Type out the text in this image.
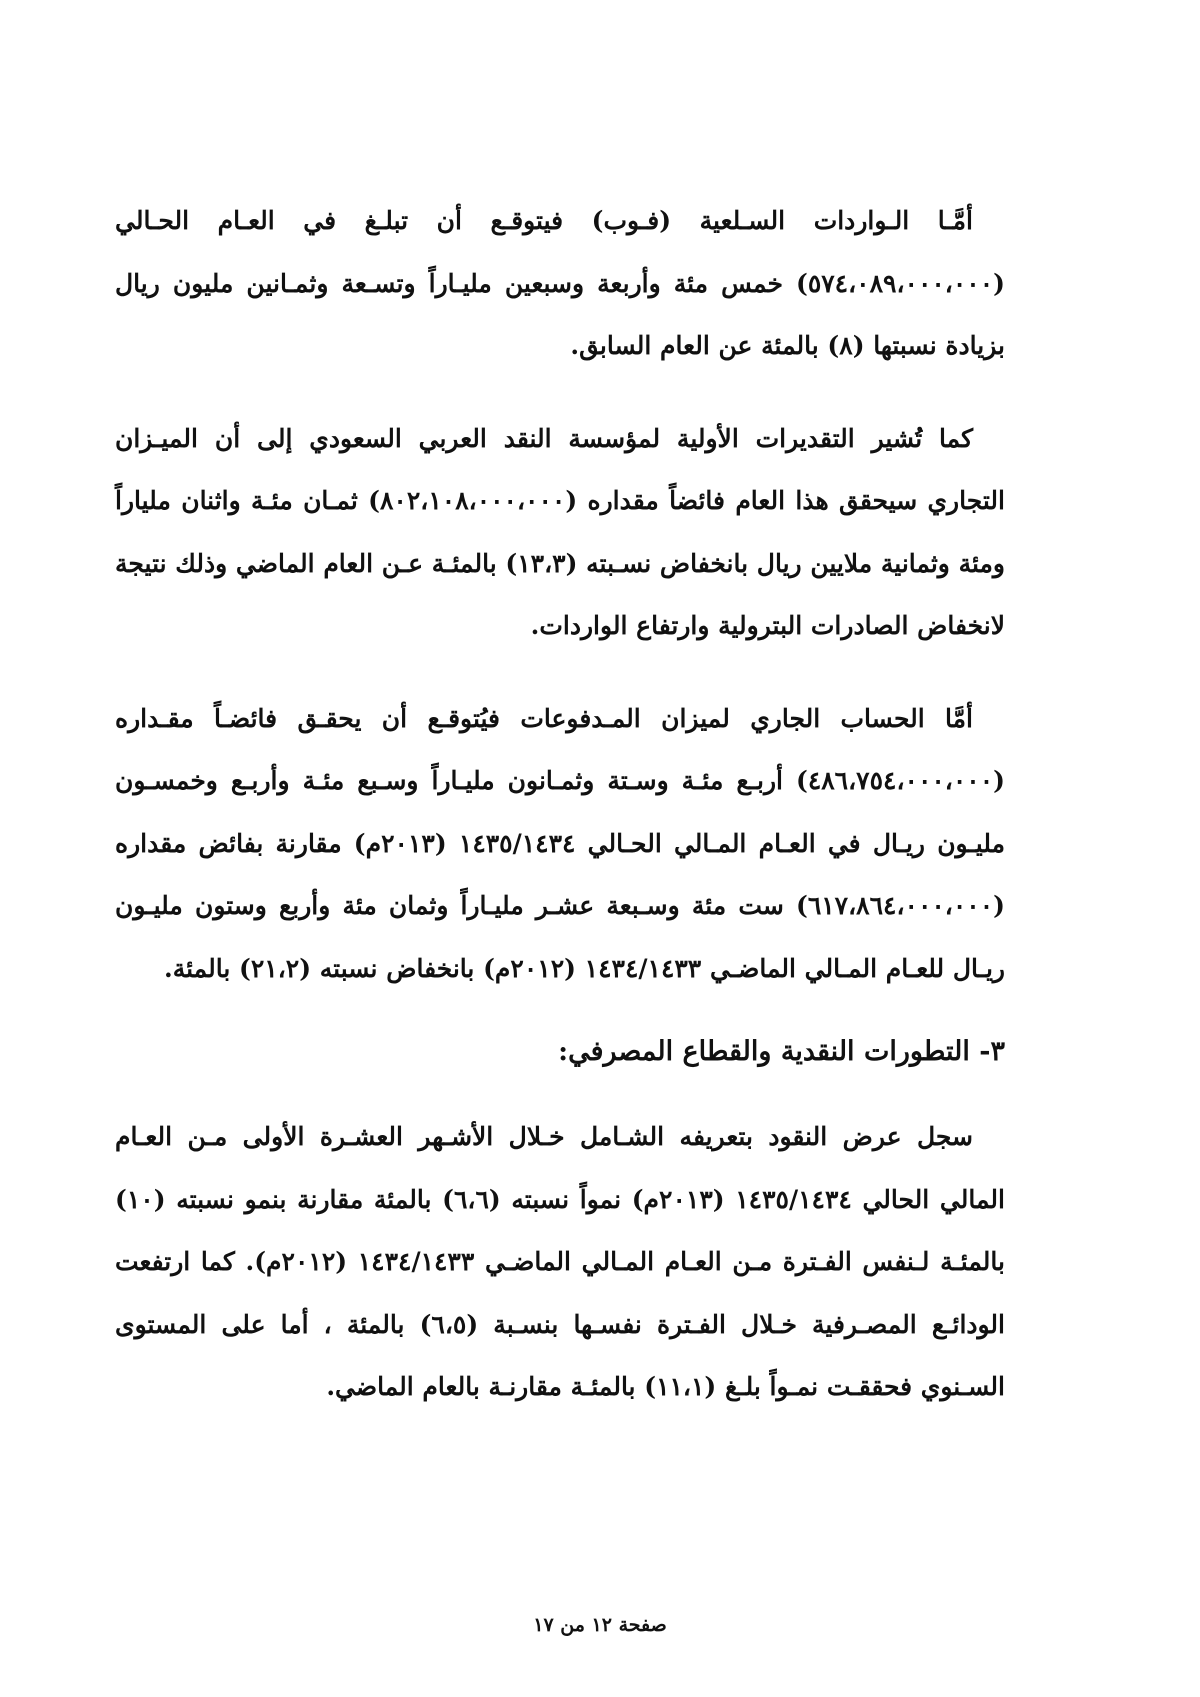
أمَّـا الـواردات السـلعية (فـوب) فيتوقـع أن تبلـغ في العـام الحـالي (٥٧٤،٠٨٩،٠٠٠،٠٠٠) خمس مئة وأربعة وسبعين مليـاراً وتسـعة وثمـانين مليون ريال بزيادة نسبتها (٨) بالمئة عن العام السابق.

كما تُشير التقديرات الأولية لمؤسسة النقد العربي السعودي إلى أن الميـزان التجاري سيحقق هذا العام فائضاً مقداره (٨٠٢،١٠٨،٠٠٠،٠٠٠) ثمـان مئـة واثنان ملياراً ومئة وثمانية ملايين ريال بانخفاض نسـبته (١٣،٣) بالمئـة عـن العام الماضي وذلك نتيجة لانخفاض الصادرات البترولية وارتفاع الواردات.

أمَّا الحساب الجاري لميزان المـدفوعات فيُتوقـع أن يحقـق فائضـاً مقـداره (٤٨٦،٧٥٤،٠٠٠،٠٠٠) أربـع مئـة وسـتة وثمـانون مليـاراً وسـبع مئـة وأربـع وخمسـون مليـون ريـال في العـام المـالي الحـالي ١٤٣٥/١٤٣٤ (٢٠١٣م) مقارنة بفائض مقداره (٦١٧،٨٦٤،٠٠٠،٠٠٠) ست مئة وسـبعة عشـر مليـاراً وثمان مئة وأربع وستون مليـون ريـال للعـام المـالي الماضـي ١٤٣٤/١٤٣٣ (٢٠١٢م) بانخفاض نسبته (٢١،٢) بالمئة.

٣- التطورات النقدية والقطاع المصرفي:

سجل عرض النقود بتعريفه الشـامل خـلال الأشـهر العشـرة الأولى مـن العـام المالي الحالي ١٤٣٥/١٤٣٤ (٢٠١٣م) نمواً نسبته (٦،٦) بالمئة مقارنة بنمو نسبته (١٠) بالمئـة لـنفس الفـترة مـن العـام المـالي الماضـي ١٤٣٤/١٤٣٣ (٢٠١٢م). كما ارتفعت الودائـع المصـرفية خـلال الفـترة نفسـها بنسـبة (٦،٥) بالمئة ، أما على المستوى السـنوي فحققـت نمـواً بلـغ (١١،١) بالمئـة مقارنـة بالعام الماضي.

صفحة ١٢ من ١٧
